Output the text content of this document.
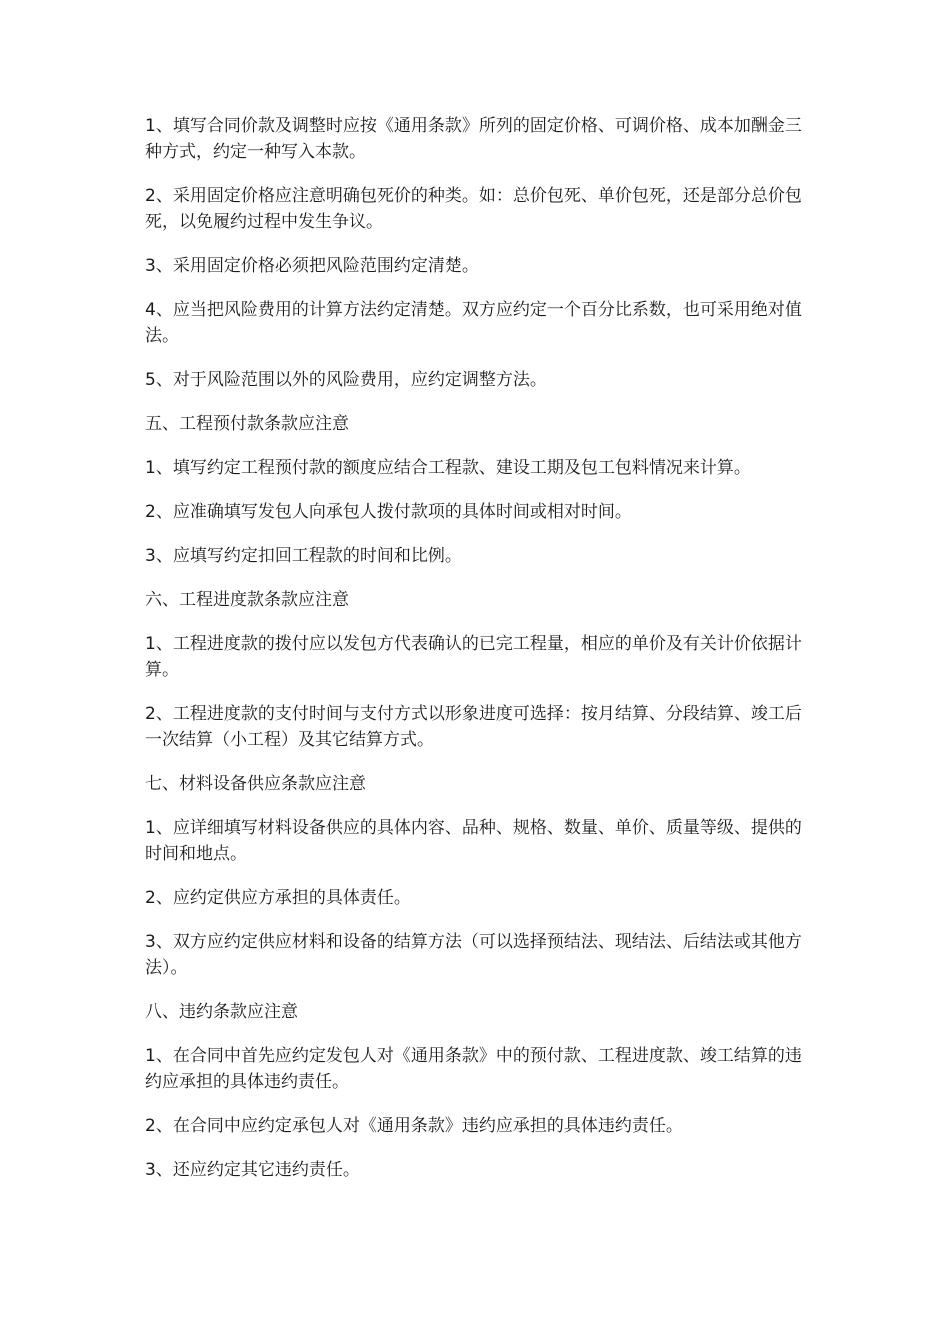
1、填写合同价款及调整时应按《通用条款》所列的固定价格、可调价格、成本加酬金三种方式，约定一种写入本款。

2、采用固定价格应注意明确包死价的种类。如：总价包死、单价包死，还是部分总价包死，以免履约过程中发生争议。

3、采用固定价格必须把风险范围约定清楚。

4、应当把风险费用的计算方法约定清楚。双方应约定一个百分比系数，也可采用绝对值法。

5、对于风险范围以外的风险费用，应约定调整方法。

五、工程预付款条款应注意

1、填写约定工程预付款的额度应结合工程款、建设工期及包工包料情况来计算。

2、应准确填写发包人向承包人拨付款项的具体时间或相对时间。

3、应填写约定扣回工程款的时间和比例。

六、工程进度款条款应注意

1、工程进度款的拨付应以发包方代表确认的已完工程量，相应的单价及有关计价依据计算。

2、工程进度款的支付时间与支付方式以形象进度可选择：按月结算、分段结算、竣工后一次结算（小工程）及其它结算方式。

七、材料设备供应条款应注意

1、应详细填写材料设备供应的具体内容、品种、规格、数量、单价、质量等级、提供的时间和地点。

2、应约定供应方承担的具体责任。

3、双方应约定供应材料和设备的结算方法（可以选择预结法、现结法、后结法或其他方法）。

八、违约条款应注意

1、在合同中首先应约定发包人对《通用条款》中的预付款、工程进度款、竣工结算的违约应承担的具体违约责任。

2、在合同中应约定承包人对《通用条款》违约应承担的具体违约责任。

3、还应约定其它违约责任。
